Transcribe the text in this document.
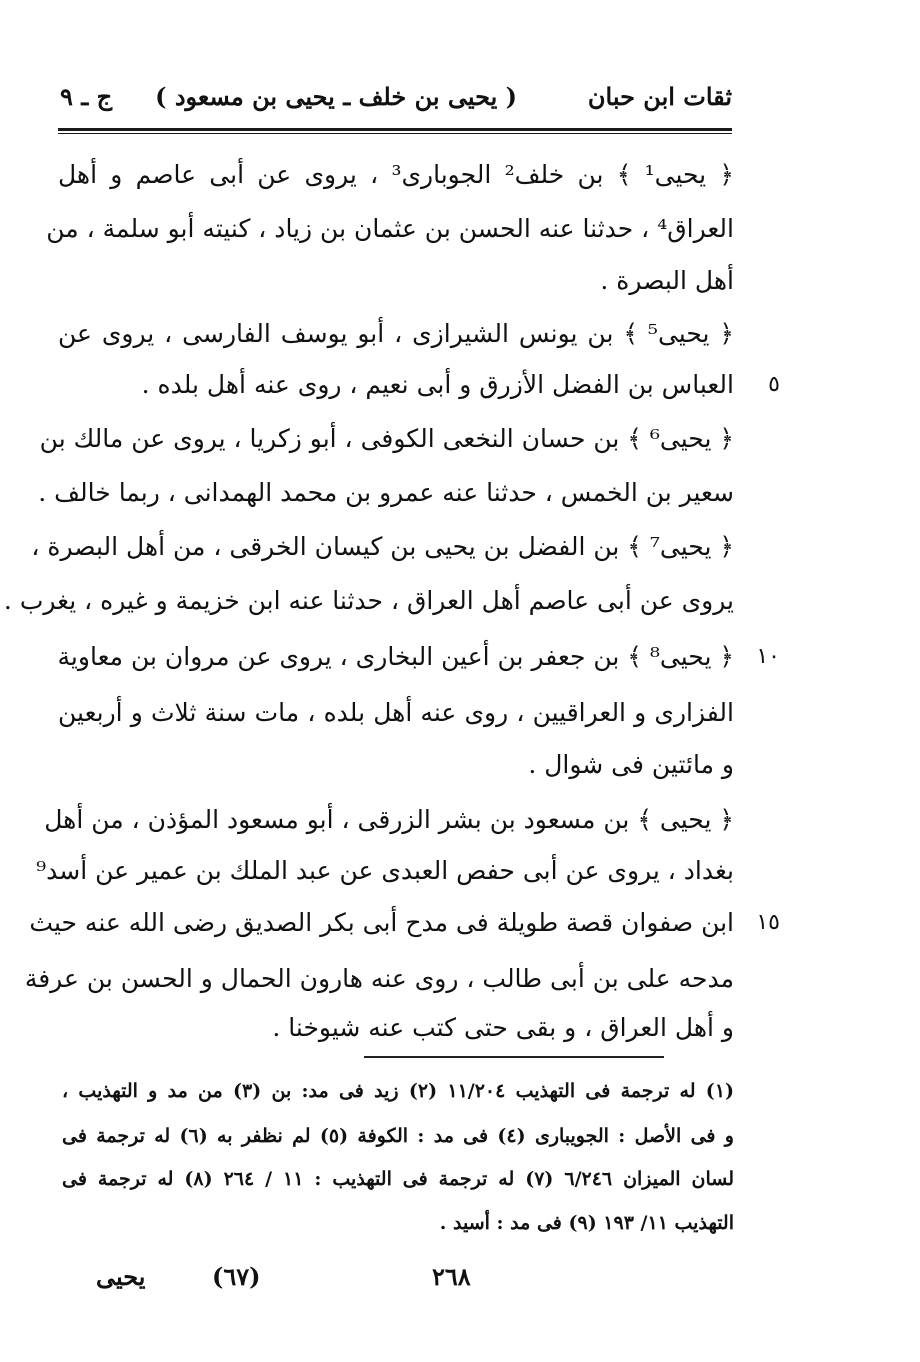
ثقات ابن حبان
( يحيى بن خلف ـ يحيى بن مسعود )
ج ـ ٩
﴿ يحيى¹ ﴾ بن خلف² الجوبارى³ ، يروى عن أبى عاصم و أهل
العراق⁴ ، حدثنا عنه الحسن بن عثمان بن زياد ، كنيته أبو سلمة ، من
أهل البصرة .
﴿ يحيى⁵ ﴾ بن يونس الشيرازى ، أبو يوسف الفارسى ، يروى عن
العباس بن الفضل الأزرق و أبى نعيم ، روى عنه أهل بلده .	٥
﴿ يحيى⁶ ﴾ بن حسان النخعى الكوفى ، أبو زكريا ، يروى عن مالك بن
سعير بن الخمس ، حدثنا عنه عمرو بن محمد الهمدانى ، ربما خالف .
﴿ يحيى⁷ ﴾ بن الفضل بن يحيى بن كيسان الخرقى ، من أهل البصرة ،
يروى عن أبى عاصم أهل العراق ، حدثنا عنه ابن خزيمة و غيره ، يغرب .
﴿ يحيى⁸ ﴾ بن جعفر بن أعين البخارى ، يروى عن مروان بن معاوية	١٠
الفزارى و العراقيين ، روى عنه أهل بلده ، مات سنة ثلاث و أربعين
و مائتين فى شوال .
﴿ يحيى ﴾ بن مسعود بن بشر الزرقى ، أبو مسعود المؤذن ، من أهل
بغداد ، يروى عن أبى حفص العبدى عن عبد الملك بن عمير عن أسد⁹
ابن صفوان قصة طويلة فى مدح أبى بكر الصديق رضى الله عنه حيث	١٥
مدحه على بن أبى طالب ، روى عنه هارون الحمال و الحسن بن عرفة
و أهل العراق ، و بقى حتى كتب عنه شيوخنا .
(١) له ترجمة فى التهذيب ١١/٢٠٤ (٢) زيد فى مد: بن (٣) من مد و التهذيب ،
و فى الأصل : الجويبارى (٤) فى مد : الكوفة (٥) لم نظفر به (٦) له ترجمة فى
لسان الميزان ٦/٢٤٦ (٧) له ترجمة فى التهذيب : ١١ / ٢٦٤ (٨) له ترجمة فى
التهذيب ١١/ ١٩٣ (٩) فى مد : أسيد .
يحيى	(٦٧)	٢٦٨
